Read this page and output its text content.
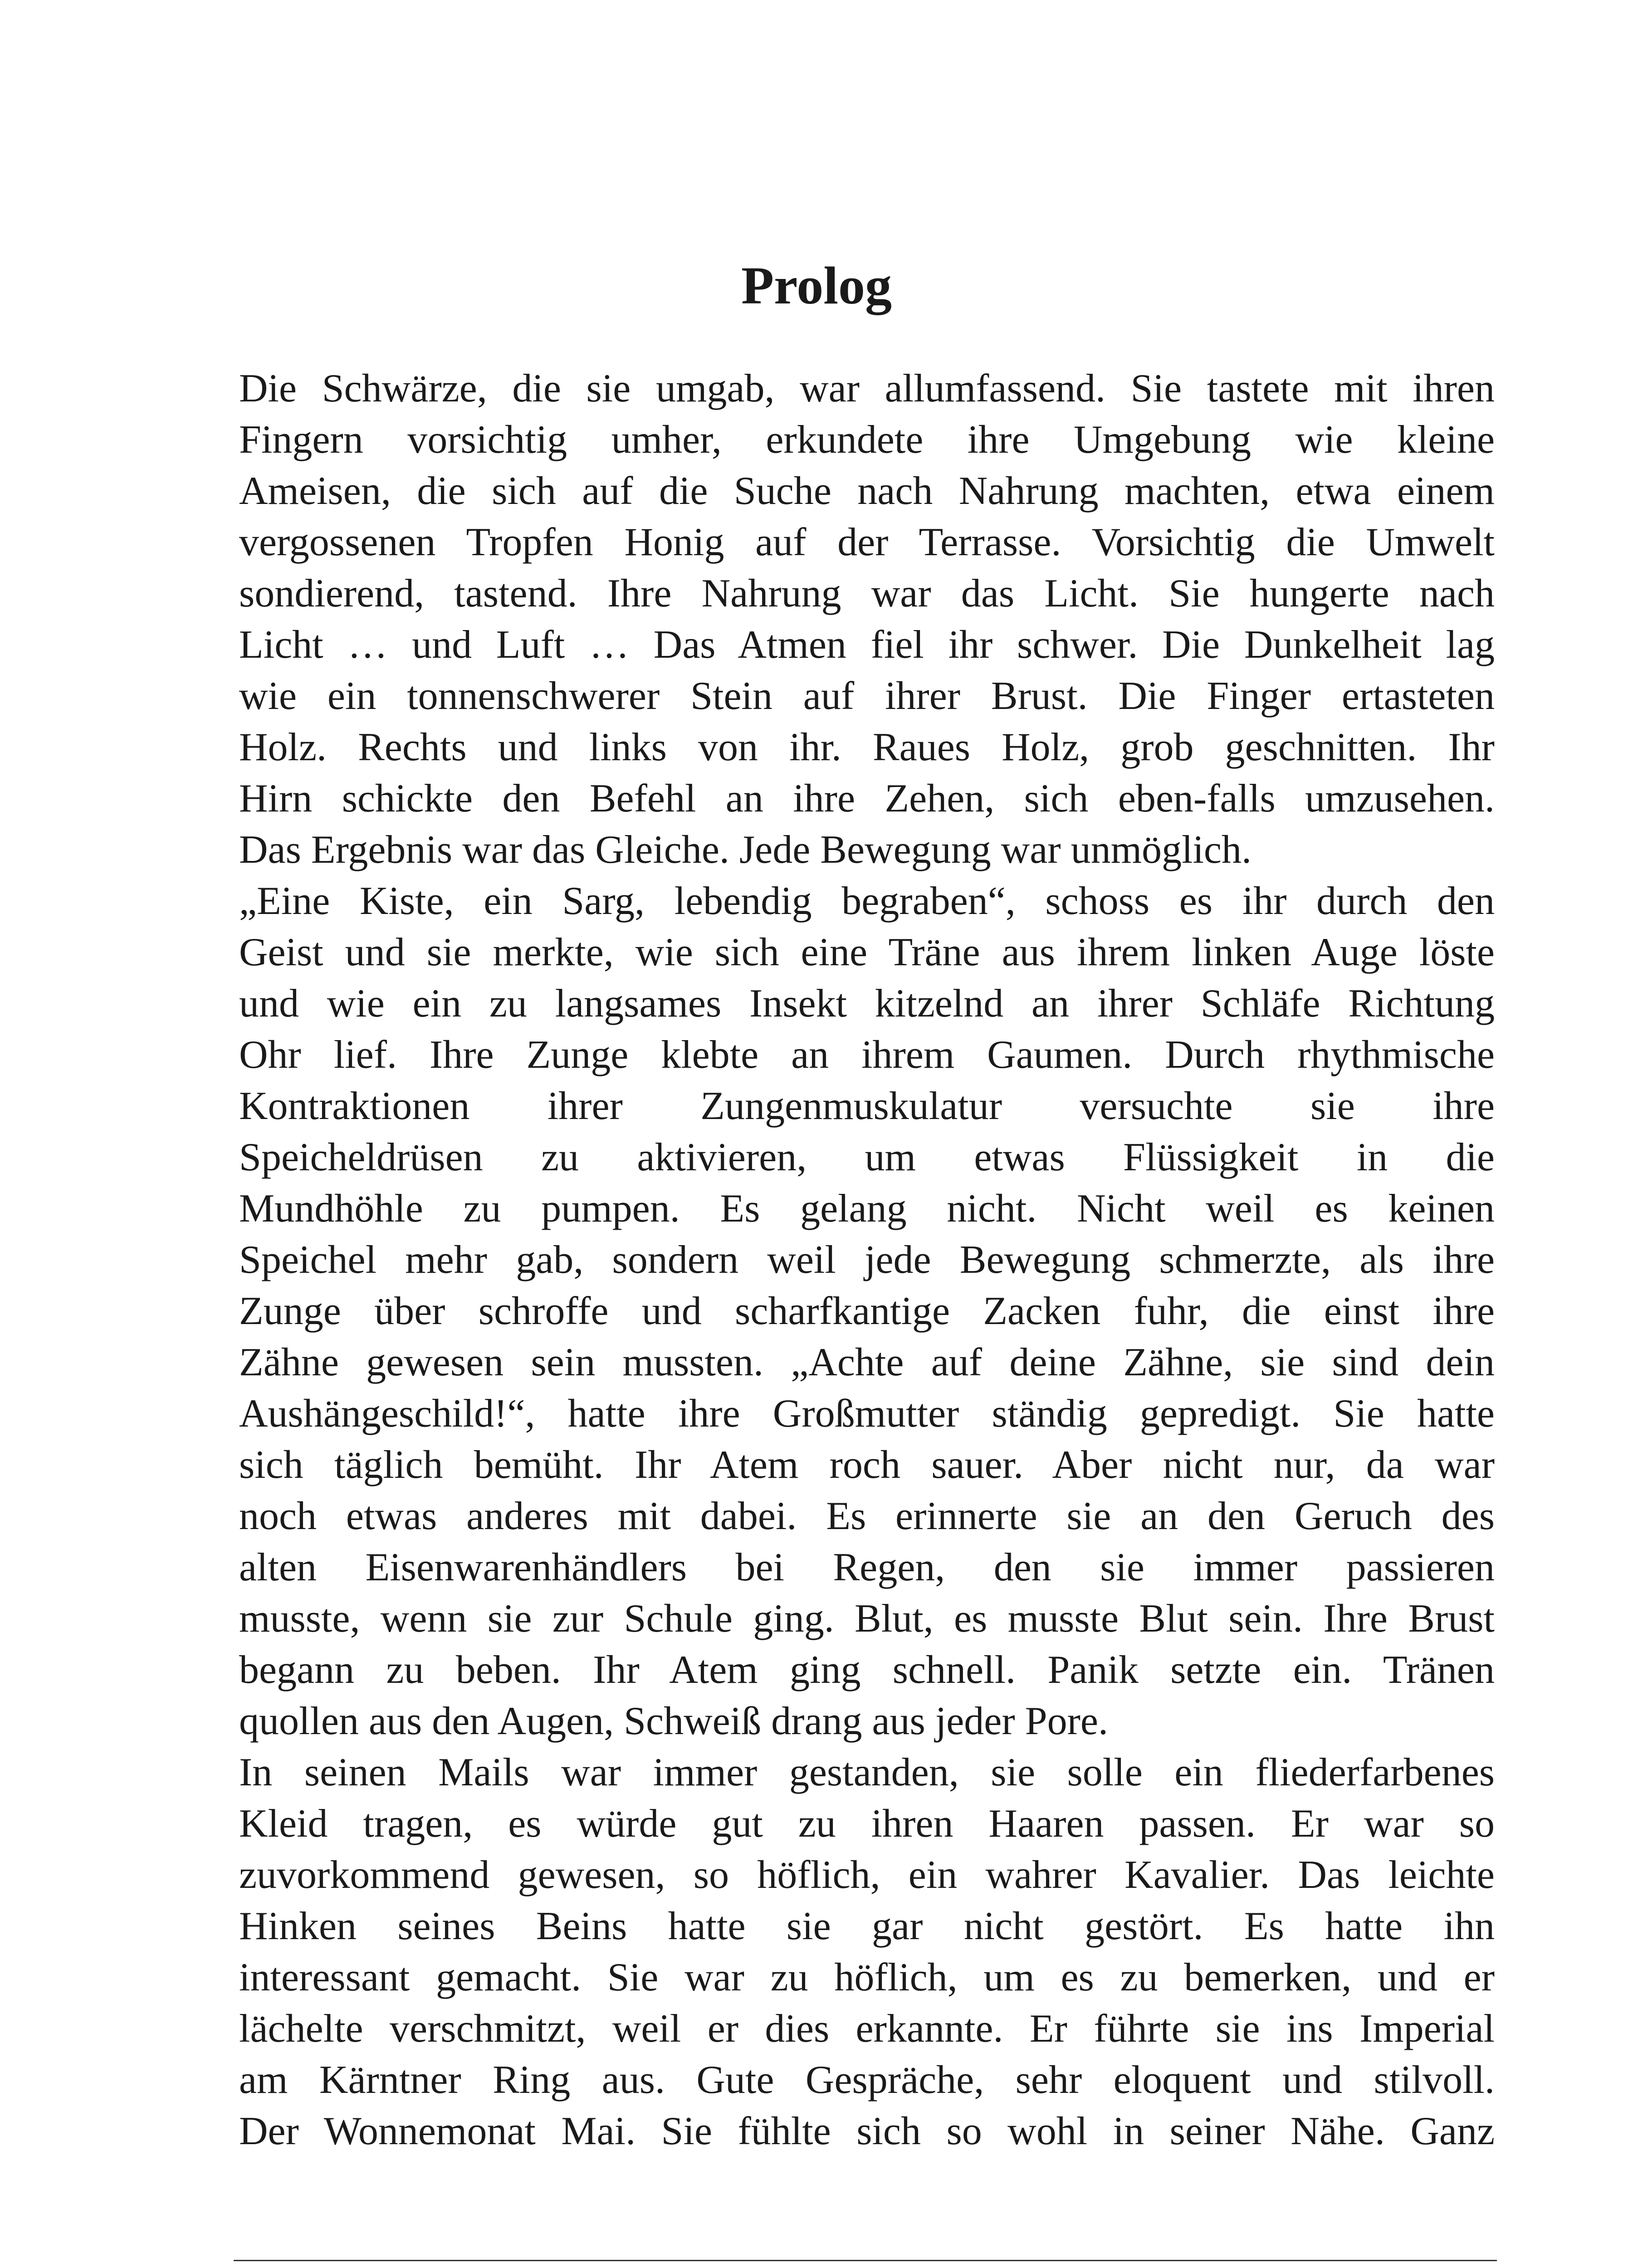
Prolog
Die Schwärze, die sie umgab, war allumfassend. Sie tastete mit ihren
Fingern vorsichtig umher, erkundete ihre Umgebung wie kleine
Ameisen, die sich auf die Suche nach Nahrung machten, etwa einem
vergossenen Tropfen Honig auf der Terrasse. Vorsichtig die Umwelt
sondierend, tastend. Ihre Nahrung war das Licht. Sie hungerte nach
Licht … und Luft … Das Atmen fiel ihr schwer. Die Dunkelheit lag
wie ein tonnenschwerer Stein auf ihrer Brust. Die Finger ertasteten
Holz. Rechts und links von ihr. Raues Holz, grob geschnitten. Ihr
Hirn schickte den Befehl an ihre Zehen, sich eben-falls umzusehen.
Das Ergebnis war das Gleiche. Jede Bewegung war unmöglich.
„Eine Kiste, ein Sarg, lebendig begraben“, schoss es ihr durch den
Geist und sie merkte, wie sich eine Träne aus ihrem linken Auge löste
und wie ein zu langsames Insekt kitzelnd an ihrer Schläfe Richtung
Ohr lief. Ihre Zunge klebte an ihrem Gaumen. Durch rhythmische
Kontraktionen ihrer Zungenmuskulatur versuchte sie ihre
Speicheldrüsen zu aktivieren, um etwas Flüssigkeit in die
Mundhöhle zu pumpen. Es gelang nicht. Nicht weil es keinen
Speichel mehr gab, sondern weil jede Bewegung schmerzte, als ihre
Zunge über schroffe und scharfkantige Zacken fuhr, die einst ihre
Zähne gewesen sein mussten. „Achte auf deine Zähne, sie sind dein
Aushängeschild!“, hatte ihre Großmutter ständig gepredigt. Sie hatte
sich täglich bemüht. Ihr Atem roch sauer. Aber nicht nur, da war
noch etwas anderes mit dabei. Es erinnerte sie an den Geruch des
alten Eisenwarenhändlers bei Regen, den sie immer passieren
musste, wenn sie zur Schule ging. Blut, es musste Blut sein. Ihre Brust
begann zu beben. Ihr Atem ging schnell. Panik setzte ein. Tränen
quollen aus den Augen, Schweiß drang aus jeder Pore.
In seinen Mails war immer gestanden, sie solle ein fliederfarbenes
Kleid tragen, es würde gut zu ihren Haaren passen. Er war so
zuvorkommend gewesen, so höflich, ein wahrer Kavalier. Das leichte
Hinken seines Beins hatte sie gar nicht gestört. Es hatte ihn
interessant gemacht. Sie war zu höflich, um es zu bemerken, und er
lächelte verschmitzt, weil er dies erkannte. Er führte sie ins Imperial
am Kärntner Ring aus. Gute Gespräche, sehr eloquent und stilvoll.
Der Wonnemonat Mai. Sie fühlte sich so wohl in seiner Nähe. Ganz
